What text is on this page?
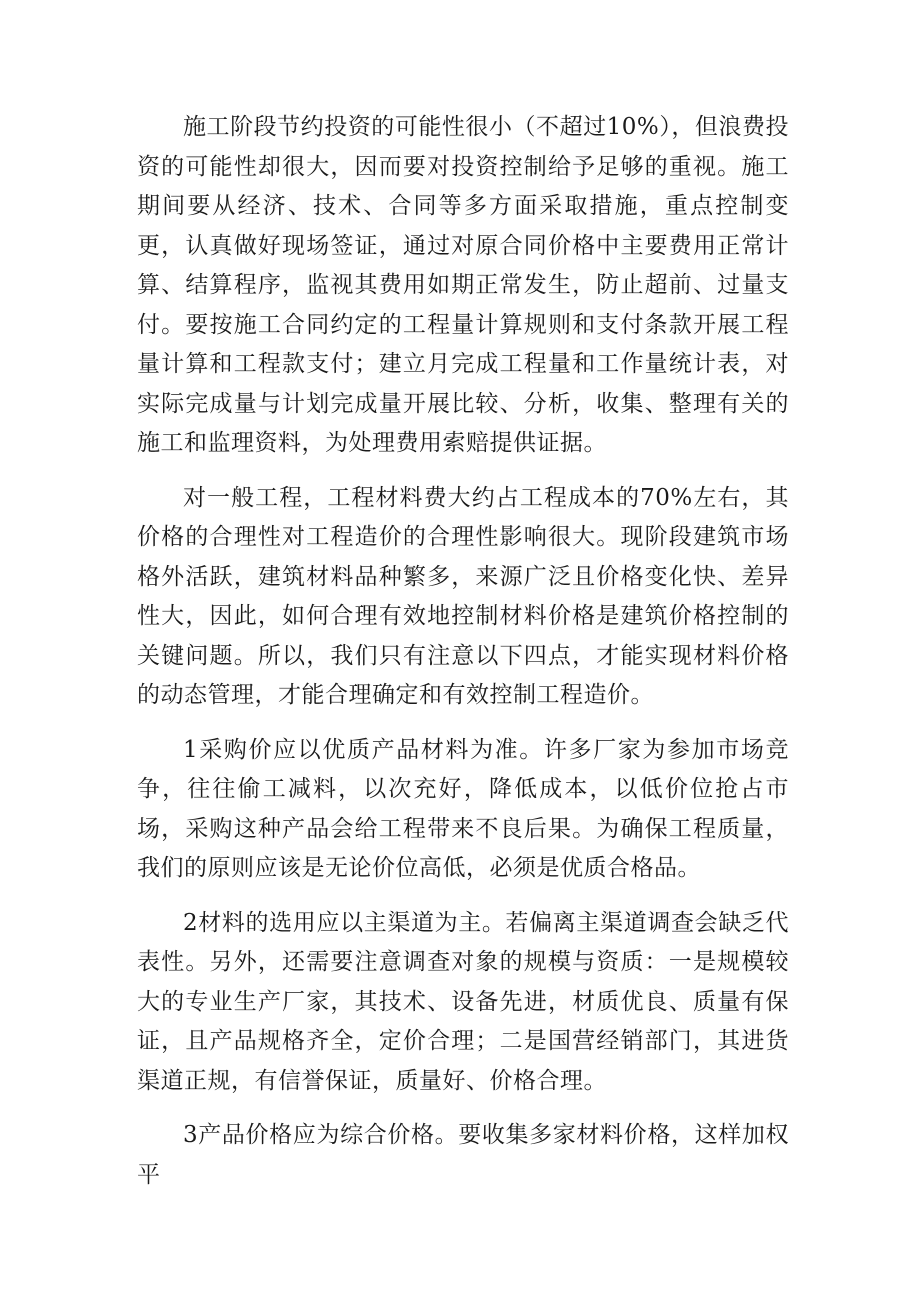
施工阶段节约投资的可能性很小（不超过10%），但浪费投资的可能性却很大，因而要对投资控制给予足够的重视。施工期间要从经济、技术、合同等多方面采取措施，重点控制变更，认真做好现场签证，通过对原合同价格中主要费用正常计算、结算程序，监视其费用如期正常发生，防止超前、过量支付。要按施工合同约定的工程量计算规则和支付条款开展工程量计算和工程款支付；建立月完成工程量和工作量统计表，对实际完成量与计划完成量开展比较、分析，收集、整理有关的施工和监理资料，为处理费用索赔提供证据。

对一般工程，工程材料费大约占工程成本的70%左右，其价格的合理性对工程造价的合理性影响很大。现阶段建筑市场格外活跃，建筑材料品种繁多，来源广泛且价格变化快、差异性大，因此，如何合理有效地控制材料价格是建筑价格控制的关键问题。所以，我们只有注意以下四点，才能实现材料价格的动态管理，才能合理确定和有效控制工程造价。

1采购价应以优质产品材料为准。许多厂家为参加市场竞争，往往偷工减料，以次充好，降低成本，以低价位抢占市场，采购这种产品会给工程带来不良后果。为确保工程质量，我们的原则应该是无论价位高低，必须是优质合格品。

2材料的选用应以主渠道为主。若偏离主渠道调查会缺乏代表性。另外，还需要注意调查对象的规模与资质：一是规模较大的专业生产厂家，其技术、设备先进，材质优良、质量有保证，且产品规格齐全，定价合理；二是国营经销部门，其进货渠道正规，有信誉保证，质量好、价格合理。

3产品价格应为综合价格。要收集多家材料价格，这样加权平
